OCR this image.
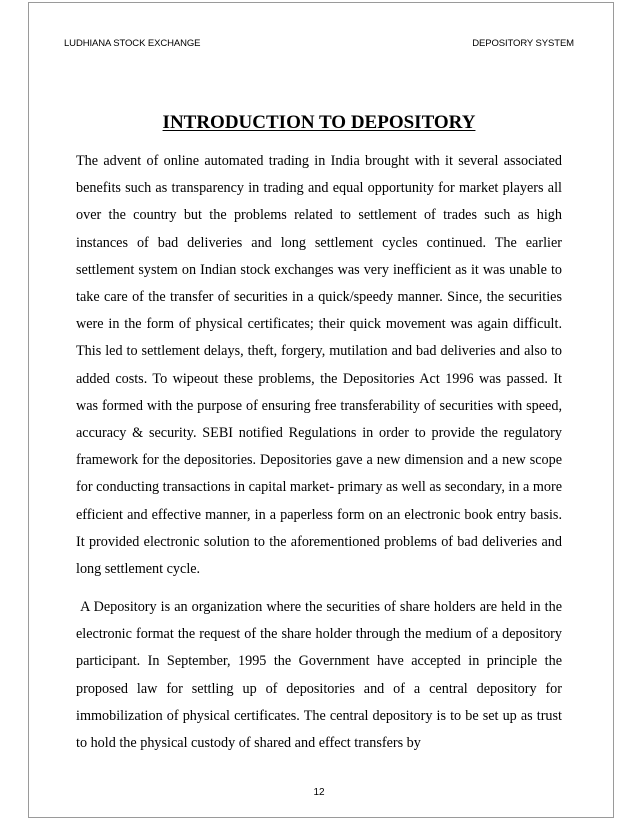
LUDHIANA STOCK EXCHANGE	DEPOSITORY SYSTEM
INTRODUCTION TO DEPOSITORY

The advent of online automated trading in India brought with it several associated benefits such as transparency in trading and equal opportunity for market players all over the country but the problems related to settlement of trades such as high instances of bad deliveries and long settlement cycles continued. The earlier settlement system on Indian stock exchanges was very inefficient as it was unable to take care of the transfer of securities in a quick/speedy manner. Since, the securities were in the form of physical certificates; their quick movement was again difficult. This led to settlement delays, theft, forgery, mutilation and bad deliveries and also to added costs. To wipeout these problems, the Depositories Act 1996 was passed. It was formed with the purpose of ensuring free transferability of securities with speed, accuracy & security. SEBI notified Regulations in order to provide the regulatory framework for the depositories. Depositories gave a new dimension and a new scope for conducting transactions in capital market- primary as well as secondary, in a more efficient and effective manner, in a paperless form on an electronic book entry basis. It provided electronic solution to the aforementioned problems of bad deliveries and long settlement cycle.

A Depository is an organization where the securities of share holders are held in the electronic format the request of the share holder through the medium of a depository participant. In September, 1995 the Government have accepted in principle the proposed law for settling up of depositories and of a central depository for immobilization of physical certificates. The central depository is to be set up as trust to hold the physical custody of shared and effect transfers by

12
